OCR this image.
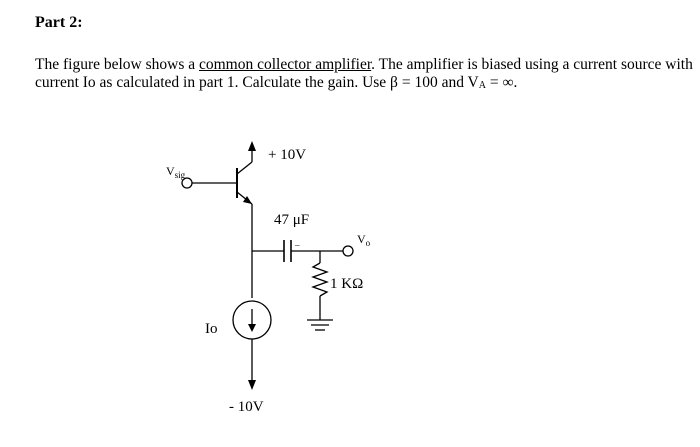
Part 2:

The figure below shows a common collector amplifier. The amplifier is biased using a current source with current Io as calculated in part 1. Calculate the gain. Use β = 100 and $V_A$ = ∞.

+ 10V
$V_{sig}$
47 μF
–	$V_o$
1 KΩ
Io
- 10V
